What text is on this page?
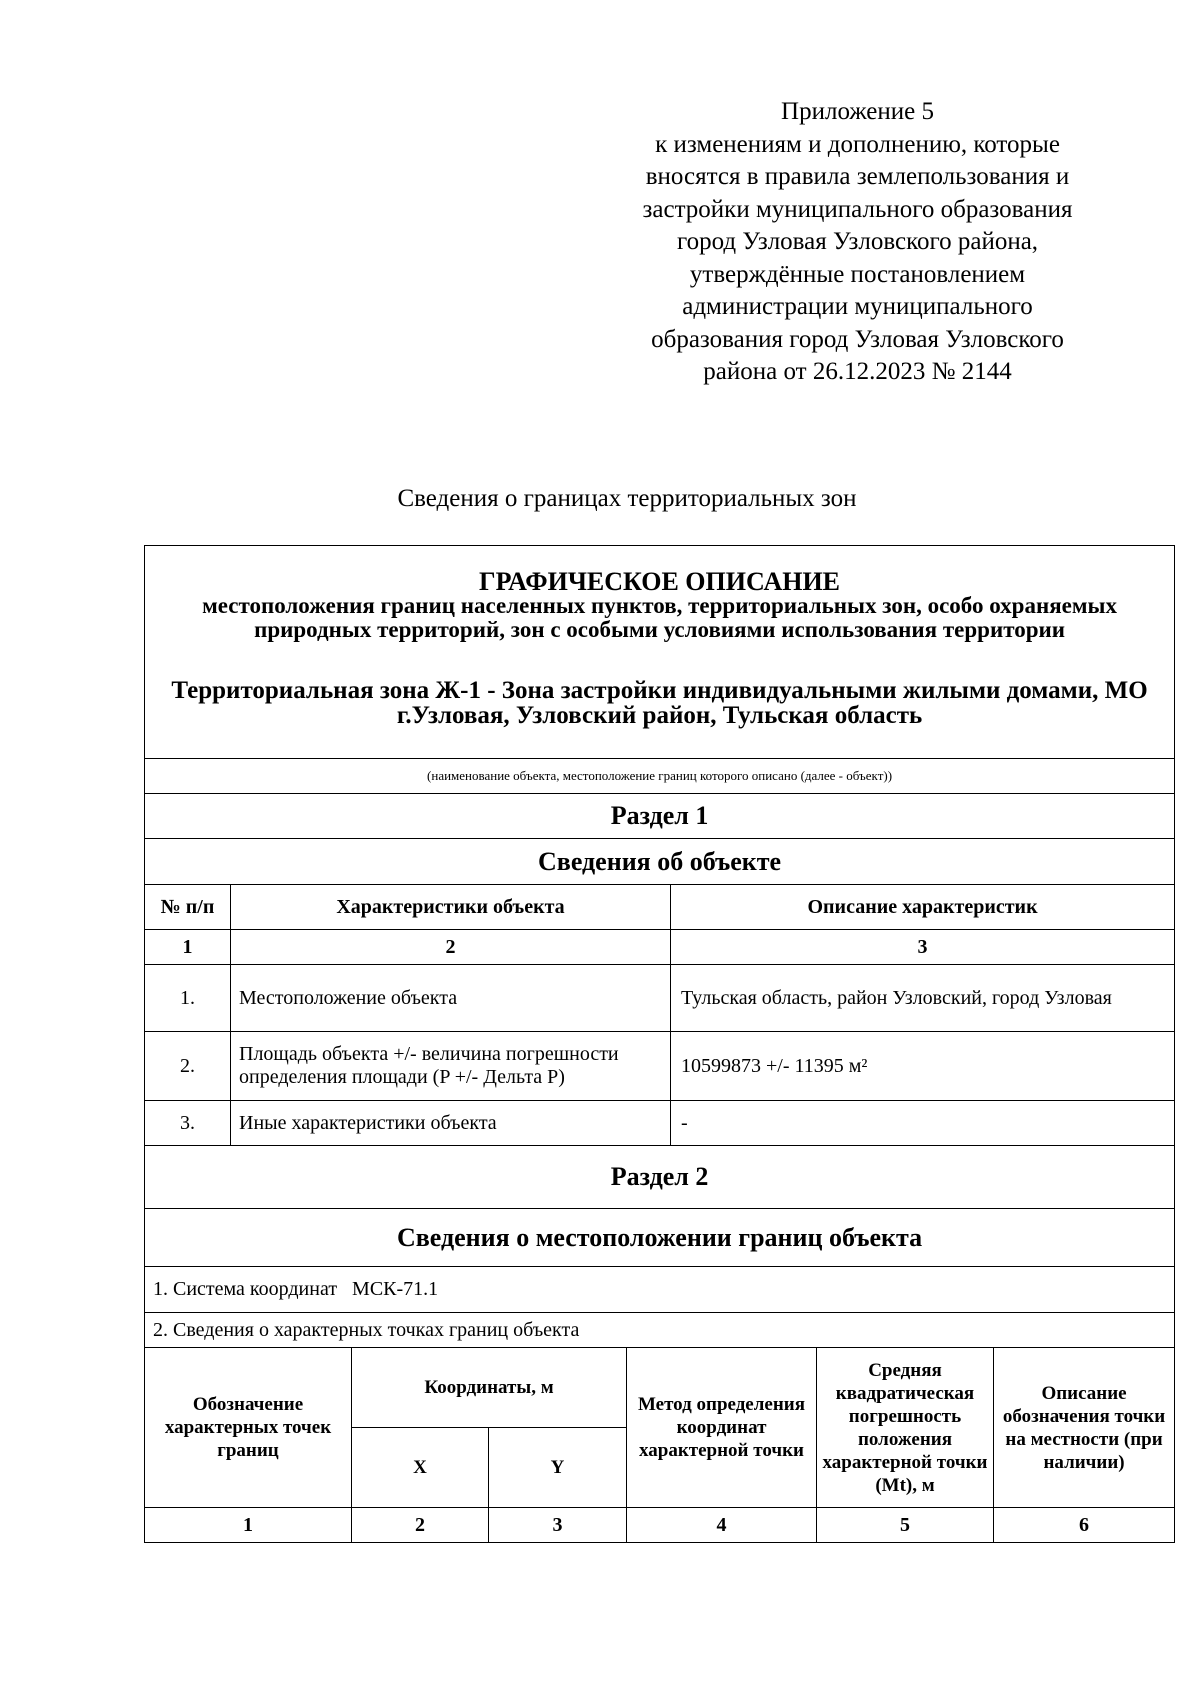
Приложение 5
к изменениям и дополнению, которые
вносятся в правила землепользования и
застройки муниципального образования
город Узловая Узловского района,
утверждённые постановлением
администрации муниципального
образования город Узловая Узловского
района от 26.12.2023 № 2144
Сведения о границах территориальных зон
ГРАФИЧЕСКОЕ ОПИСАНИЕ
местоположения границ населенных пунктов, территориальных зон, особо охраняемых природных территорий, зон с особыми условиями использования территории
Территориальная зона Ж-1 - Зона застройки индивидуальными жилыми домами, МО г.Узловая, Узловский район, Тульская область							

(наименование объекта, местоположение границ которого описано (далее - объект))							
Раздел 1							
Сведения об объекте							
№ п/п	Характеристики объекта				Описание характеристик		
1	2				3		
1.	Местоположение объекта				Тульская область, район Узловский, город Узловая		
2.	Площадь объекта +/- величина погрешности определения площади (P +/- Дельта P)				10599873 +/- 11395 м²		
3.	Иные характеристики объекта				-		
Раздел 2							
Сведения о местоположении границ объекта							
1. Система координат   МСК-71.1							
2. Сведения о характерных точках границ объекта							
Обозначение характерных точек границ		Координаты, м		Метод определения координат характерной точки		Средняя квадратическая погрешность положения характерной точки (Mt), м	Описание обозначения точки на местности (при наличии)
		X	Y				
1		2	3	4		5	6
